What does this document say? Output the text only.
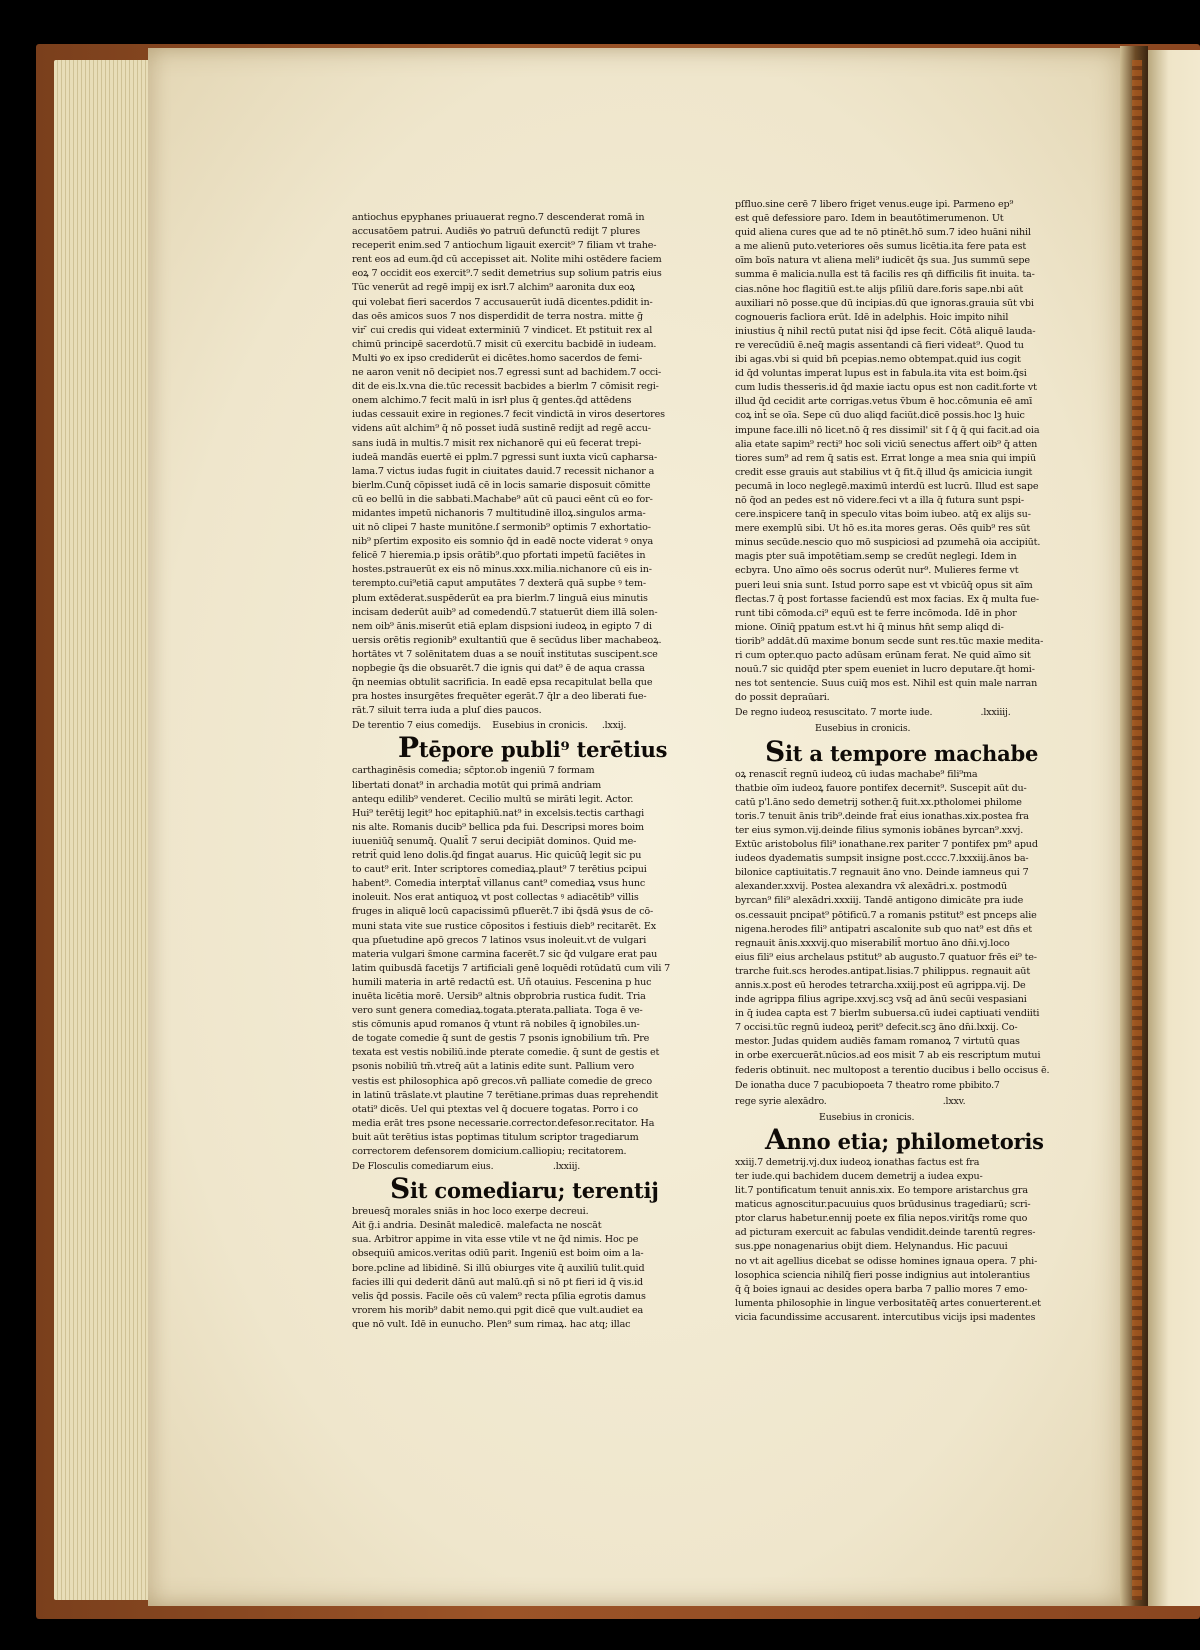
antiochus epyphanes priuauerat regno.7 descenderat romā in

accusatōem patrui. Audiēs ꝟo patruū defunctū redijt 7 plures

receperit enim.sed 7 antiochum ligauit exercit⁹ 7 filiam vt trahe-

rent eos ad eum.q̄d cū accepisset ait. Nolite mihi ostēdere faciem

eoꝝ 7 occidit eos exercit⁹.7 sedit demetrius sup solium patris eius

Tūc venerūt ad regē impij ex isrł.7 alchim⁹ aaronita dux eoꝝ

qui volebat fieri sacerdos 7 accusauerūt iudā dicentes.pdidit in-

das oēs amicos suos 7 nos disperdidit de terra nostra. mitte ḡ

vir ̄ cui credis qui videat exterminiū 7 vindicet. Et pstituit rex al

chimū principē sacerdotū.7 misit cū exercitu bacbidē in iudeam.

Multi ꝟo ex ipso crediderūt ei dicētes.homo sacerdos de femi-

ne aaron venit nō decipiet nos.7 egressi sunt ad bachidem.7 occi-

dit de eis.lx.vna die.tūc recessit bacbides a bierlm 7 cōmisit regi-

onem alchimo.7 fecit malū in isrł plus q̄ gentes.q̄d attēdens

iudas cessauit exire in regiones.7 fecit vindictā in viros desertores

videns aūt alchim⁹ q̄ nō posset iudā sustinē redijt ad regē accu-

sans iudā in multis.7 misit rex nichanorē qui eū fecerat trepi-

iudeā mandās euertē ei pplm.7 pgressi sunt iuxta vicū capharsa-

lama.7 victus iudas fugit in ciuitates dauid.7 recessit nichanor a

bierlm.Cunq̄ cōpisset iudā cē in locis samarie disposuit cōmitte

cū eo bellū in die sabbati.Machabe⁹ aūt cū pauci eēnt cū eo for-

midantes impetū nichanoris 7 multitudinē illoꝝ.singulos arma-

uit nō clipei 7 haste munitōne.ſ sermonib⁹ optimis 7 exhortatio-

nib⁹ pſertim exposito eis somnio q̄d in eadē nocte viderat ꝰ onya

felicē 7 hieremia.p ipsis orātib⁹.quo pfortati impetū faciētes in

hostes.pstrauerūt ex eis nō minus.xxx.milia.nichanore cū eis in-

terempto.cui⁹etiā caput amputātes 7 dexterā quā supbe ꝰ tem-

plum extēderat.suspēderūt ea pra bierlm.7 linguā eius minutis

incisam dederūt auib⁹ ad comedendū.7 statuerūt diem illā solen-

nem oib⁹ ānis.miserūt etiā eplam dispsioni iudeoꝝ in egipto 7 di

uersis orētis regionib⁹ exultantiū que ē secūdus liber machabeoꝝ.

hortātes vt 7 solēnitatem duas a se nouit̄ institutas suscipent.sce

nopbegie q̄s die obsuarēt.7 die ignis qui dat⁹ ē de aqua crassa

q̄n neemias obtulit sacrificia. In eadē epsa recapitulat bella que

pra hostes insurgētes frequēter egerāt.7 q̄lr a deo liberati fue-

rāt.7 siluit terra iuda a pluſ dies paucos.

De terentio 7 eius comedijs. Eusebius in cronicis. .lxxij.

Ptēpore publi⁹ terētius

carthaginēsis comedia; sc̄ptor.ob ingeniū 7 formam

libertati donat⁹ in archadia motūt qui primā andriam

antequ edilib⁹ venderet. Cecilio multū se mirāti legit. Actor.

Hui⁹ terētij legit⁹ hoc epitaphiū.nat⁹ in excelsis.tectis carthagi

nis alte. Romanis ducib⁹ bellica pda fui. Descripsi mores boim

iuueniūq̄ senumq̄. Qualit̄ 7 serui decipiāt dominos. Quid me-

retrit̄ quid leno dolis.q̄d fingat auarus. Hic quicūq̄ legit sic pu

to caut⁹ erit. Inter scriptores comediaꝝ.plaut⁹ 7 terētius pcipui

habent⁹. Comedia interptat̄ villanus cant⁹ comediaꝝ vsus hunc

inoleuit. Nos erat antiquoꝝ vt post collectas ꝰ adiacētib⁹ villis

fruges in aliquē locū capacissimū pfluerēt.7 ibi q̄sdā ꝟsus de cō-

muni stata vite sue rustice cōpositos i festiuis dieb⁹ recitarēt. Ex

qua pſuetudine apō grecos 7 latinos vsus inoleuit.vt de vulgari

materia vulgari s̄mone carmina facerēt.7 sic q̄d vulgare erat pau

latim quibusdā facetijs 7 artificiali genē loquēdi rotūdatū cum vili 7

humili materia in artē redactū est. Uñ otauius. Fescenina p huc

inuēta licētia morē. Uersib⁹ altnis obprobria rustica fudit. Tria

vero sunt genera comediaꝝ.togata.pterata.palliata. Toga ē ve-

stis cōmunis apud romanos q̄ vtunt rā nobiles q̄ ignobiles.un-

de togate comedie q̄ sunt de gestis 7 psonis ignobilium tm̄. Pre

texata est vestis nobiliū.inde pterate comedie. q̄ sunt de gestis et

psonis nobiliū tm̄.vtreq̄ aūt a latinis edite sunt. Pallium vero

vestis est philosophica apō grecos.vn̄ palliate comedie de greco

in latinū trāslate.vt plautine 7 terētiane.primas duas reprehendit

otati⁹ dicēs. Uel qui ptextas vel q̄ docuere togatas. Porro i co

media erāt tres psone necessarie.corrector.defesor.recitator. Ha

buit aūt terētius istas poptimas titulum scriptor tragediarum

correctorem defensorem domicium.calliopiu; recitatorem.

De Flosculis comediarum eius.	.lxxiij.

Sit comediaru; terentij

breuesq̄ morales sniās in hoc loco exerpe decreui.

Ait g̃.i andria. Desināt maledicē. malefacta ne noscāt

sua. Arbitror appime in vita esse vtile vt ne q̄d nimis. Hoc pe

obsequiū amicos.veritas odiū parit. Ingeniū est boim oim a la-

bore.pcline ad libidinē. Si illū obiurges vite q̄ auxiliū tulit.quid

facies illi qui dederit dānū aut malū.qn̄ si nō pt fieri id q̄ vis.id

velis q̄d possis. Facile oēs cū valem⁹ recta pſilia egrotis damus

vrorem his morib⁹ dabit nemo.qui pgit dicē que vult.audiet ea

que nō vult. Idē in eunucho. Plen⁹ sum rimaꝝ. hac atq; illac

pſfluo.sine cerē 7 libero friget venus.euge ipi. Parmeno ep⁹

est quē defessiore paro. Idem in beautōtimerumenon. Ut

quid aliena cures que ad te nō ptinēt.hō sum.7 ideo huāni nihil

a me alienū puto.veteriores oēs sumus licētia.ita fere pata est

oīm boīs natura vt aliena meli⁹ iudicēt q̄s sua. Jus summū sepe

summa ē malicia.nulla est tā facilis res qn̄ difficilis fit inuita. ta-

cias.nōne hoc flagitiū est.te alijs pſiliū dare.foris sape.nbi aūt

auxiliari nō posse.que dū incipias.dū que ignoras.grauia sūt vbi

cognoueris facliora erūt. Idē in adelphis. Hoic impito nihil

iniustius q̄ nihil rectū putat nisi q̄d ipse fecit. Cōtā aliquē lauda-

re verecūdiū ē.neq̄ magis assentandi cā fieri videat⁹. Quod tu

ibi agas.vbi si quid bn̄ pcepias.nemo obtempat.quid ius cogit

id q̄d voluntas imperat lupus est in fabula.ita vita est boim.q̄si

cum ludis thesseris.id q̄d maxie iactu opus est non cadit.forte vt

illud q̄d cecidit arte corrigas.vetus v̄bum ē hoc.cōmunia eē amī

coꝝ int̄ se oīa. Sepe cū duo aliqd faciūt.dicē possis.hoc lꝫ huic

impune face.illi nō licet.nō q̄ res dissimil' sit ſ q̄ q̄ qui facit.ad oia

alia etate sapim⁹ recti⁹ hoc soli viciū senectus affert oib⁹ q̄ atten

tiores sum⁹ ad rem q̄ satis est. Errat longe a mea snia qui impiū

credit esse grauis aut stabilius vt q̄ fit.q̄ illud q̄s amicicia iungit

pecumā in loco neglegē.maximū interdū est lucrū. Illud est sape

nō q̄od an pedes est nō videre.feci vt a illa q̄ futura sunt pspi-

cere.inspicere tanq̄ in speculo vitas boim iubeo. atq̄ ex alijs su-

mere exemplū sibi. Ut hō es.ita mores geras. Oēs quib⁹ res sūt

minus secūde.nescio quo mō suspiciosi ad pzumehā oia accipiūt.

magis pter suā impotētiam.semp se credūt neglegi. Idem in

ecbyra. Uno aīmo oēs socrus oderūt nur⁹. Mulieres ferme vt

pueri leui snia sunt. Istud porro sape est vt vbicūq̄ opus sit aīm

flectas.7 q̄ post fortasse faciendū est mox facias. Ex q̄ multa fue-

runt tibi cōmoda.ci⁹ equū est te ferre incōmoda. Idē in phor

mione. Oīniq̄ ppatum est.vt hi q̄ minus hn̄t semp aliqd di-

tiorib⁹ addāt.dū maxime bonum secde sunt res.tūc maxie medita-

ri cum opter.quo pacto adūsam erūnam ferat. Ne quid aīmo sit

nouū.7 sic quidq̄d pter spem eueniet in lucro deputare.q̄t homi-

nes tot sentencie. Suus cuiq̄ mos est. Nihil est quin male narran

do possit depraūari.

De regno iudeoꝝ resuscitato. 7 morte iude.	.lxxiiij.

Eusebius in cronicis.

Sit a tempore machabe

oꝝ renascit̄ regnū iudeoꝝ cū iudas machabe⁹ fili⁹ma

thatbie oīm iudeoꝝ fauore pontifex decernit⁹. Suscepit aūt du-

catū p'l.āno sedo demetrij sother.q̄ fuit.xx.ptholomei philome

toris.7 tenuit ānis trib⁹.deinde frat̄ eius ionathas.xix.postea fra

ter eius symon.vij.deinde filius symonis iobānes byrcan⁹.xxvj.

Extūc aristobolus fili⁹ ionathane.rex pariter 7 pontifex pm⁹ apud

iudeos dyadematis sumpsit insigne post.cccc.7.lxxxiij.ānos ba-

bilonice captiuitatis.7 regnauit āno vno. Deinde iamneus qui 7

alexander.xxvij. Postea alexandra vx̄ alexādri.x. postmodū

byrcan⁹ fili⁹ alexādri.xxxiij. Tandē antigono dimicāte pra iude

os.cessauit pncipat⁹ pōtificū.7 a romanis pstitut⁹ est pnceps alie

nigena.herodes fili⁹ antipatri ascalonite sub quo nat⁹ est dn̄s et

regnauit ānis.xxxvij.quo miserabilit̄ mortuo āno dn̄i.vj.loco

eius fili⁹ eius archelaus pstitut⁹ ab augusto.7 quatuor frēs ei⁹ te-

trarche fuit.scs herodes.antipat.lisias.7 philippus. regnauit aūt

annis.x.post eū herodes tetrarcha.xxiij.post eū agrippa.vij. De

inde agrippa filius agripe.xxvj.scꝫ vsq̄ ad ānū secūi vespasiani

in q̄ iudea capta est 7 bierlm subuersa.cū iudei captiuati vendiiti

7 occisi.tūc regnū iudeoꝝ perit⁹ defecit.scꝫ āno dn̄i.lxxij. Co-

mestor. Judas quidem audiēs famam romanoꝝ 7 virtutū quas

in orbe exercuerāt.nūcios.ad eos misit 7 ab eis rescriptum mutui

federis obtinuit. nec multopost a terentio ducibus i bello occisus ē.

De ionatha duce 7 pacubiopoeta 7 theatro rome pbibito.7

rege syrie alexādro.	.lxxv.

Eusebius in cronicis.

Anno etia; philometoris

xxiij.7 demetrij.vj.dux iudeoꝝ ionathas factus est fra

ter iude.qui bachidem ducem demetrij a iudea expu-

lit.7 pontificatum tenuit annis.xix. Eo tempore aristarchus gra

maticus agnoscitur.pacuuius quos brūdusinus tragediarū; scri-

ptor clarus habetur.ennij poete ex filia nepos.viritq̄s rome quo

ad picturam exercuit ac fabulas vendidit.deinde tarentū regres-

sus.pꝑe nonagenarius obijt diem. Helynandus. Hic pacuui

no vt ait agellius dicebat se odisse homines ignaua opera. 7 phi-

losophica sciencia nihilq̄ fieri posse indignius aut intolerantius

q̄ q̄ boies ignaui ac desides opera barba 7 pallio mores 7 emo-

lumenta philosophie in lingue verbositatēq̄ artes conuerterent.et

vicia facundissime accusarent. intercutibus vicijs ipsi madentes
